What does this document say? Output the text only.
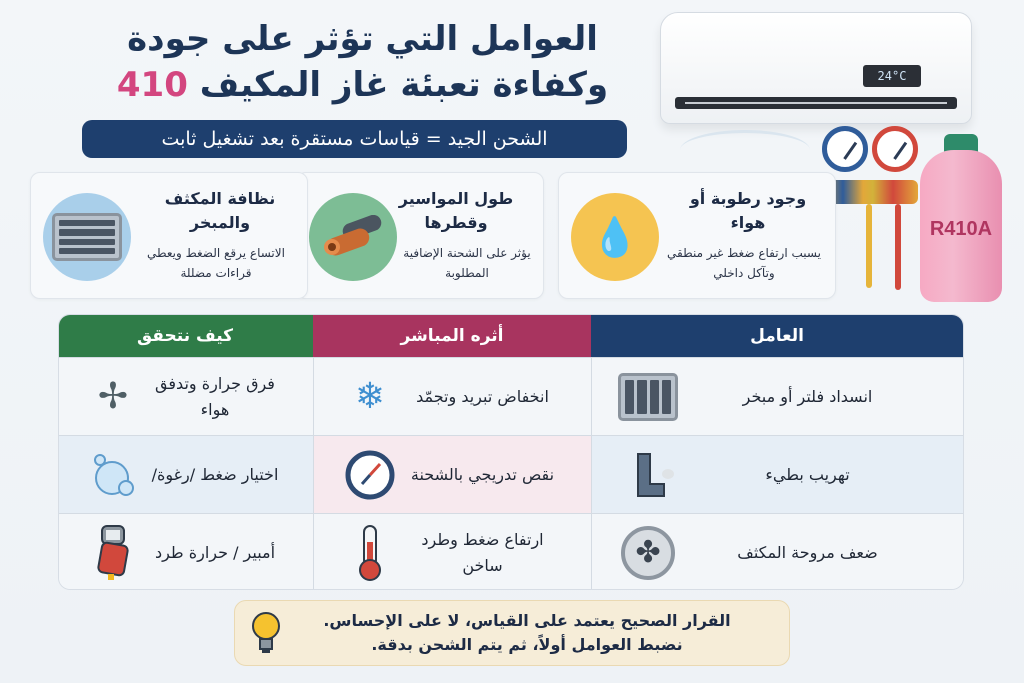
العوامل التي تؤثر على جودة
وكفاءة تعبئة غاز المكيف 410
الشحن الجيد = قياسات مستقرة بعد تشغيل ثابت
24°C
R410A
💧
وجود رطوبة أو هواء
يسبب ارتفاع ضغط غير منطقي وتآكل داخلي
طول المواسير وقطرها
يؤثر على الشحنة الإضافية المطلوبة
نظافة المكثف والمبخر
الاتساع يرقع الضغط ويعطي قراءات مضللة
العامل
أثره المباشر
كيف نتحقق
انسداد فلتر أو مبخر
انخفاض تبريد وتجمّد
❄
فرق جرارة وتدفق هواء
✢
تهريب بطيء
نقص تدريجي بالشحنة
اختيار ضغط /رغوة/
ضعف مروحة المكثف
✤
ارتفاع ضغط وطرد ساخن
أمبير / حرارة طرد
القرار الصحيح يعتمد على القياس، لا على الإحساس.
نضبط العوامل أولاً، ثم يتم الشحن بدقة.
